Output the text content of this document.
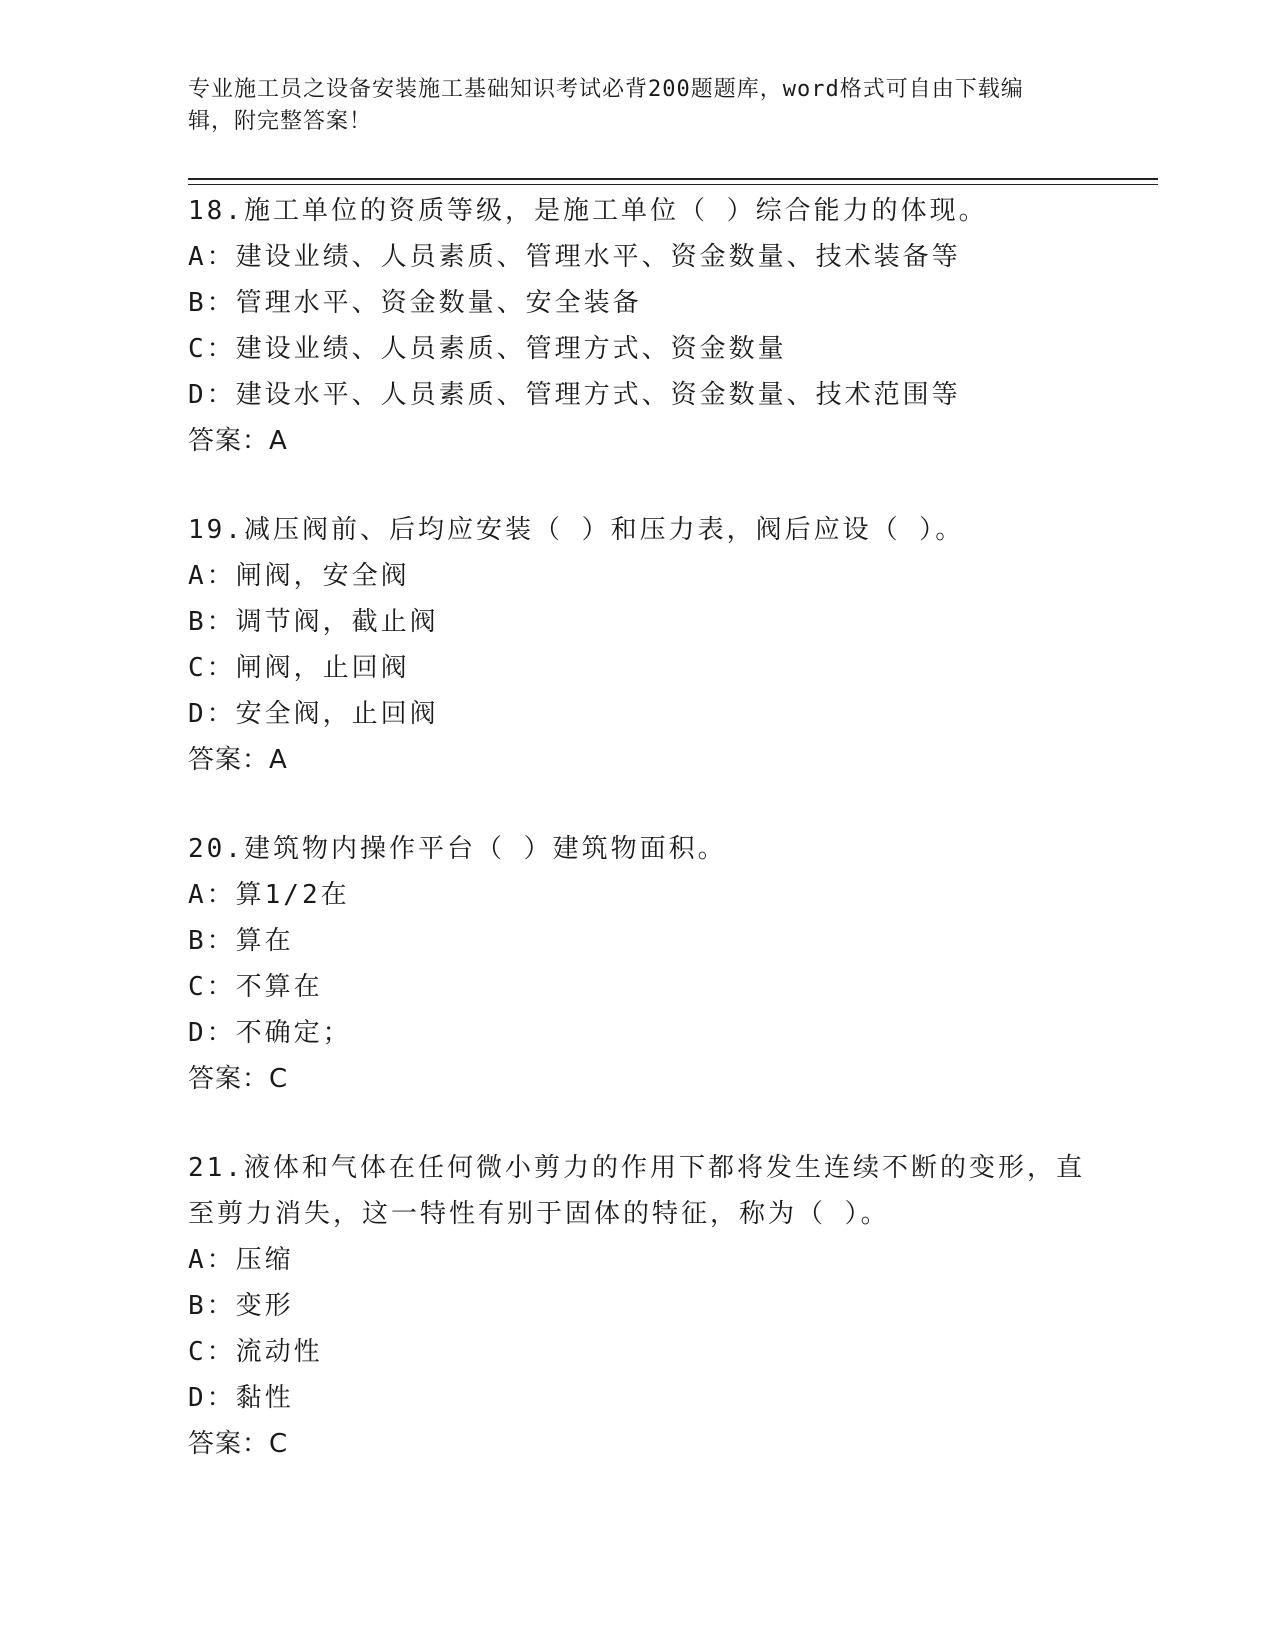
专业施工员之设备安装施工基础知识考试必背200题题库，word格式可自由下载编辑，附完整答案！

18.施工单位的资质等级，是施工单位（ ）综合能力的体现。

A：建设业绩、人员素质、管理水平、资金数量、技术装备等

B：管理水平、资金数量、安全装备

C：建设业绩、人员素质、管理方式、资金数量

D：建设水平、人员素质、管理方式、资金数量、技术范围等

答案：A

19.减压阀前、后均应安装（ ）和压力表，阀后应设（ ）。

A：闸阀，安全阀

B：调节阀，截止阀

C：闸阀，止回阀

D：安全阀，止回阀

答案：A

20.建筑物内操作平台（ ）建筑物面积。

A：算1/2在

B：算在

C：不算在

D：不确定；

答案：C

21.液体和气体在任何微小剪力的作用下都将发生连续不断的变形，直

至剪力消失，这一特性有别于固体的特征，称为（ ）。

A：压缩

B：变形

C：流动性

D：黏性

答案：C
